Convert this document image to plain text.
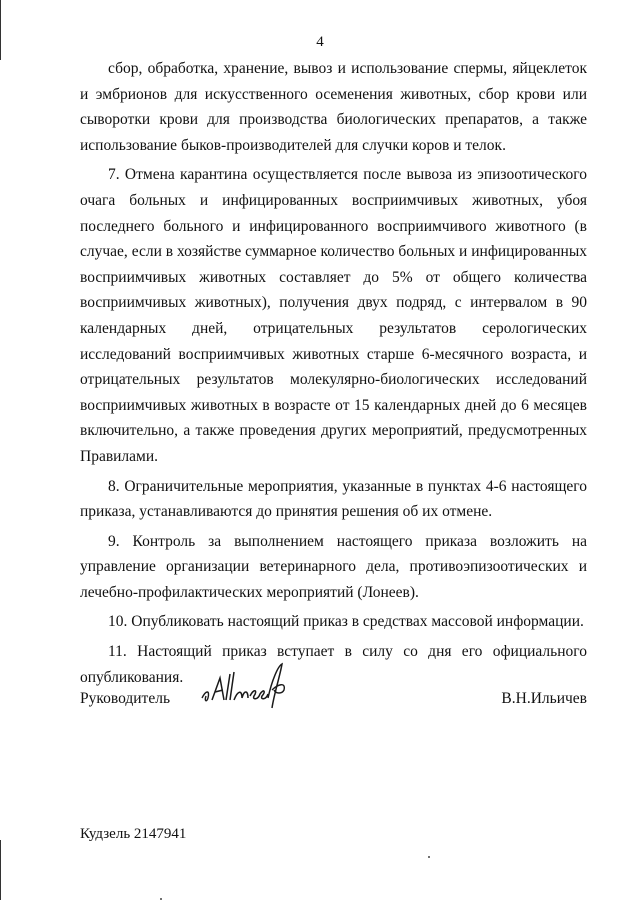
4

сбор, обработка, хранение, вывоз и использование спермы, яйцеклеток и эмбрионов для искусственного осеменения животных, сбор крови или сыворотки крови для производства биологических препаратов, а также использование быков-производителей для случки коров и телок.

7. Отмена карантина осуществляется после вывоза из эпизоотического очага больных и инфицированных восприимчивых животных, убоя последнего больного и инфицированного восприимчивого животного (в случае, если в хозяйстве суммарное количество больных и инфицированных восприимчивых животных составляет до 5% от общего количества восприимчивых животных), получения двух подряд, с интервалом в 90 календарных дней, отрицательных результатов серологических исследований восприимчивых животных старше 6-месячного возраста, и отрицательных результатов молекулярно-биологических исследований восприимчивых животных в возрасте от 15 календарных дней до 6 месяцев включительно, а также проведения других мероприятий, предусмотренных Правилами.

8. Ограничительные мероприятия, указанные в пунктах 4-6 настоящего приказа, устанавливаются до принятия решения об их отмене.

9. Контроль за выполнением настоящего приказа возложить на управление организации ветеринарного дела, противоэпизоотических и лечебно-профилактических мероприятий (Лонеев).

10. Опубликовать настоящий приказ в средствах массовой информации.

11. Настоящий приказ вступает в силу со дня его официального опубликования.

Руководитель	В.Н.Ильичев
Кудзель 2147941
